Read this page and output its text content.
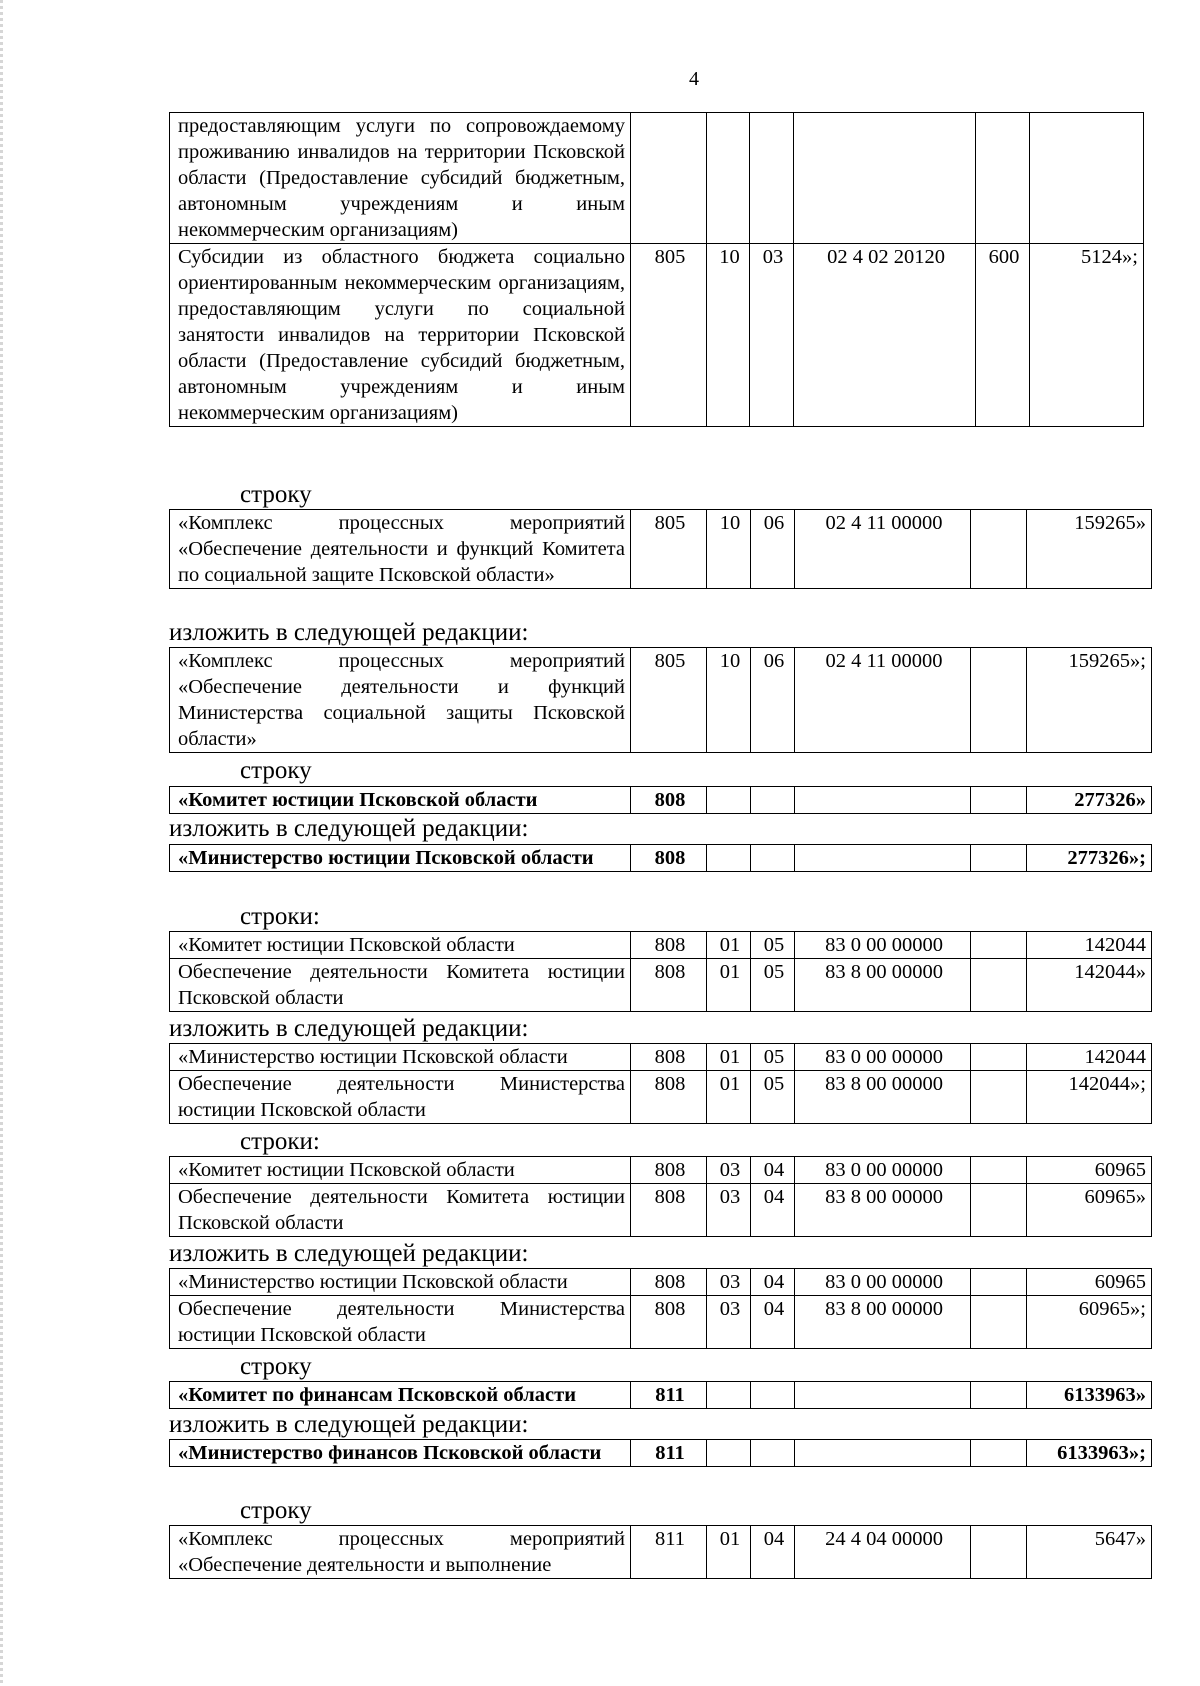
4
предоставляющим услуги по сопровождаемому проживанию инвалидов на территории Псковской области (Предоставление субсидий бюджетным, автономным учреждениям и иным некоммерческим организациям)						
Субсидии из областного бюджета социально ориентированным некоммерческим организациям, предоставляющим услуги по социальной занятости инвалидов на территории Псковской области (Предоставление субсидий бюджетным, автономным учреждениям и иным некоммерческим организациям)	805	10	03	02 4 02 20120	600	5124»;
строку
«Комплекс процессных мероприятий «Обеспечение деятельности и функций Комитета по социальной защите Псковской области»	805	10	06	02 4 11 00000		159265»
изложить в следующей редакции:
«Комплекс процессных мероприятий «Обеспечение деятельности и функций Министерства социальной защиты Псковской области»	805	10	06	02 4 11 00000		159265»;
строку
«Комитет юстиции Псковской области	808					277326»
изложить в следующей редакции:
«Министерство юстиции Псковской области	808					277326»;
строки:
«Комитет юстиции Псковской области	808	01	05	83 0 00 00000		142044
Обеспечение деятельности Комитета юстиции Псковской области	808	01	05	83 8 00 00000		142044»
изложить в следующей редакции:
«Министерство юстиции Псковской области	808	01	05	83 0 00 00000		142044
Обеспечение деятельности Министерства юстиции Псковской области	808	01	05	83 8 00 00000		142044»;
строки:
«Комитет юстиции Псковской области	808	03	04	83 0 00 00000		60965
Обеспечение деятельности Комитета юстиции Псковской области	808	03	04	83 8 00 00000		60965»
изложить в следующей редакции:
«Министерство юстиции Псковской области	808	03	04	83 0 00 00000		60965
Обеспечение деятельности Министерства юстиции Псковской области	808	03	04	83 8 00 00000		60965»;
строку
«Комитет по финансам Псковской области	811					6133963»
изложить в следующей редакции:
«Министерство финансов Псковской области	811					6133963»;
строку
«Комплекс процессных мероприятий «Обеспечение деятельности и выполнение	811	01	04	24 4 04 00000		5647»
